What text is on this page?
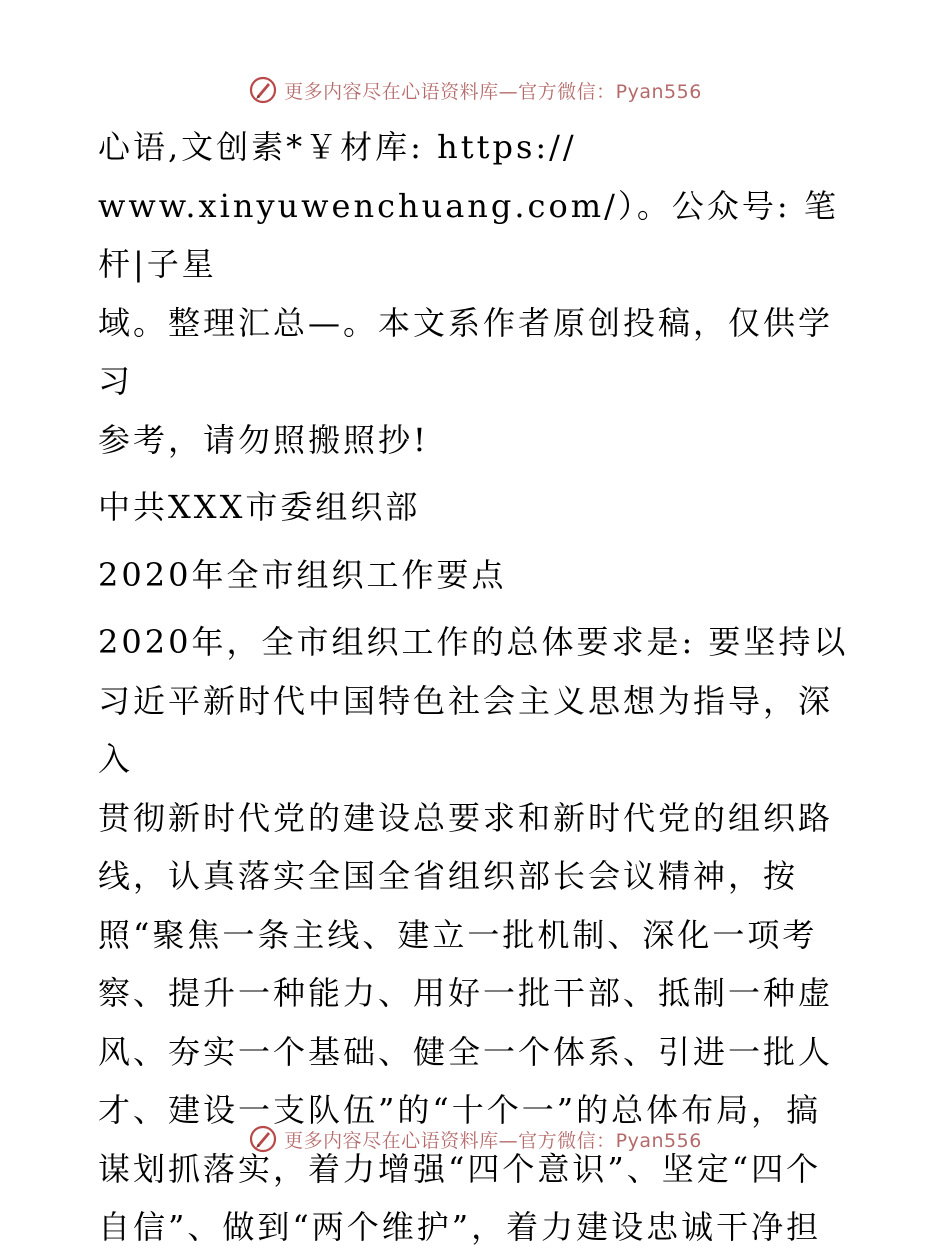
更多内容尽在心语资料库—官方微信：Pyan556
心语,文创素*￥材库: https://
www.xinyuwenchuang.com/）。公众号: 笔杆|子星
域。整理汇总—。本文系作者原创投稿，仅供学习
参考，请勿照搬照抄!
中共XXX市委组织部
2020年全市组织工作要点
2020年，全市组织工作的总体要求是: 要坚持以
习近平新时代中国特色社会主义思想为指导，深入
贯彻新时代党的建设总要求和新时代党的组织路
线，认真落实全国全省组织部长会议精神，按
照“聚焦一条主线、建立一批机制、深化一项考
察、提升一种能力、用好一批干部、抵制一种虚
风、夯实一个基础、健全一个体系、引进一批人
才、建设一支队伍”的“十个一”的总体布局，搞
谋划抓落实，着力增强“四个意识”、坚定“四个
自信”、做到“两个维护”，着力建设忠诚干净担
更多内容尽在心语资料库—官方微信：Pyan556
